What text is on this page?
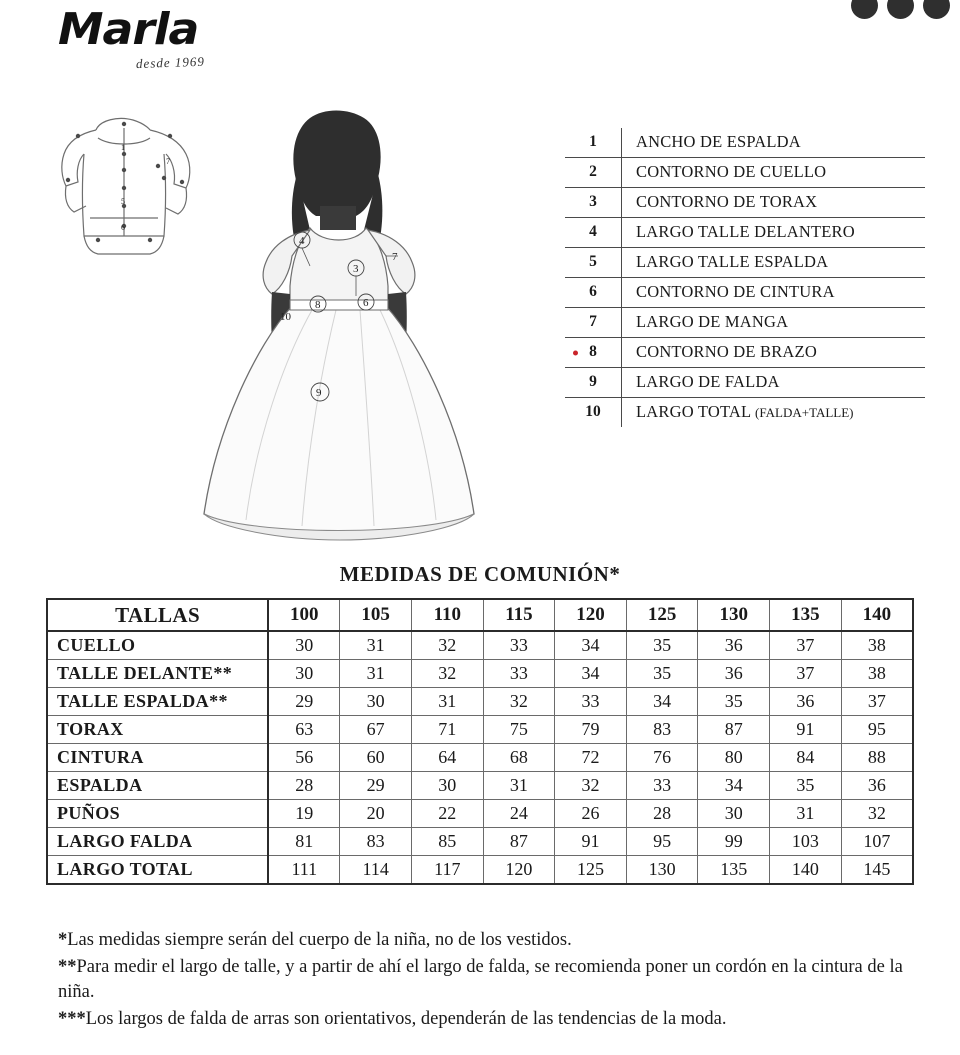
Marla
desde 1969
1
7
5
6
4
3
6
8
9
7
10
1	ANCHO DE ESPALDA
2	CONTORNO DE CUELLO
3	CONTORNO DE TORAX
4	LARGO TALLE DELANTERO
5	LARGO TALLE ESPALDA
6	CONTORNO DE CINTURA
7	LARGO DE MANGA

8	CONTORNO DE BRAZO
9	LARGO DE FALDA
10	LARGO TOTAL (FALDA+TALLE)
MEDIDAS DE COMUNIÓN*
TALLAS	100	105	110	115	120	125	130	135	140
CUELLO	30	31	32	33	34	35	36	37	38
TALLE DELANTE**	30	31	32	33	34	35	36	37	38
TALLE ESPALDA**	29	30	31	32	33	34	35	36	37
TORAX	63	67	71	75	79	83	87	91	95
CINTURA	56	60	64	68	72	76	80	84	88
ESPALDA	28	29	30	31	32	33	34	35	36
PUÑOS	19	20	22	24	26	28	30	31	32
LARGO FALDA	81	83	85	87	91	95	99	103	107
LARGO TOTAL	111	114	117	120	125	130	135	140	145

*Las medidas siempre serán del cuerpo de la niña, no de los vestidos.

**Para medir el largo de talle, y a partir de ahí el largo de falda, se recomienda poner un cordón en la cintura de la niña.

***Los largos de falda de arras son orientativos, dependerán de las tendencias de la moda.
